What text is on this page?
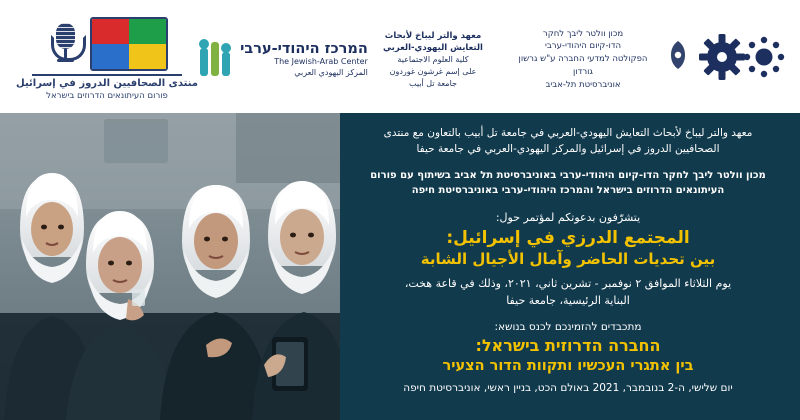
منتدى الصحافيين الدروز في إسرائيل
פורום העיתונאים הדרוזים בישראל
המרכז היהודי-ערבי
The Jewish-Arab Center
المركز اليهودي العربي
معهد والتر ليباخ لأبحاث
التعايش اليهودي-العربي
كلية العلوم الاجتماعية
على إسم غرشون غوردون
جامعة تل أبيب
מכון וולטר ליבך לחקר
הדו-קיום היהודי-ערבי
הפקולטה למדעי החברה ע"ש גרשון גורדון
אוניברסיטת תל-אביב
معهد والتر ليباخ لأبحاث التعايش اليهودي-العربي في جامعة تل أبيب بالتعاون مع منتدى الصحافيين الدروز في إسرائيل والمركز اليهودي-العربي في جامعة حيفا
מכון וולטר ליבך לחקר הדו-קיום היהודי-ערבי באוניברסיטת תל אביב בשיתוף עם פורום העיתונאים הדרוזים בישראל והמרכז היהודי-ערבי באוניברסיטת חיפה
يتشرّفون بدعوتكم لمؤتمر حول:
المجتمع الدرزي في إسرائيل:
بين تحديات الحاضر وآمال الأجيال الشابة
يوم الثلاثاء الموافق ٢ نوفمبر - تشرين ثاني، ٢٠٢١، وذلك في قاعة هخت،
البناية الرئيسية، جامعة حيفا
מתכבדים להזמינכם לכנס בנושא:
החברה הדרוזית בישראל:
בין אתגרי העכשיו ותקוות הדור הצעיר
יום שלישי, ה-2 בנובמבר, 2021 באולם הכט, בניין ראשי, אוניברסיטת חיפה
